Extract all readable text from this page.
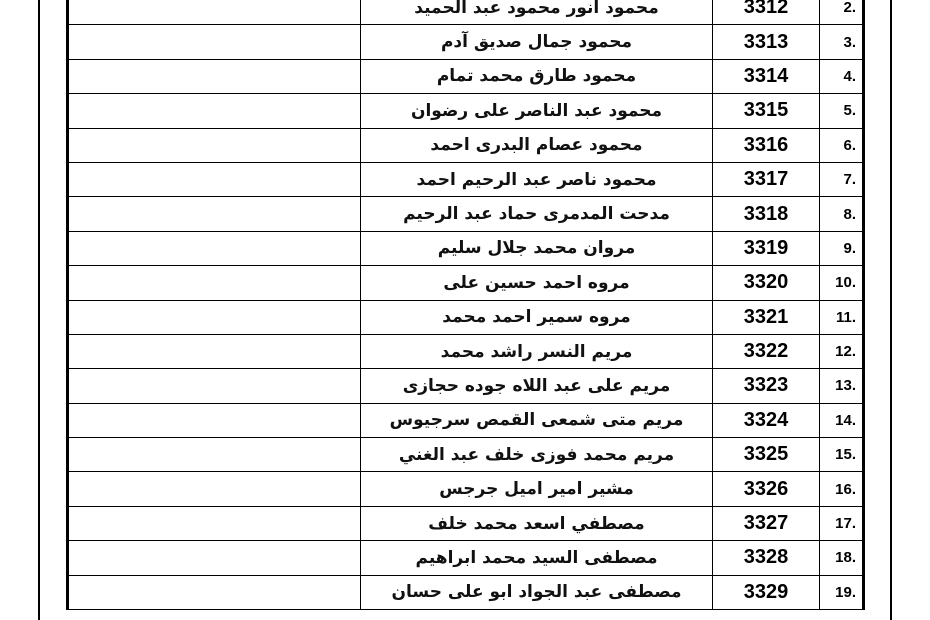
	محمود انور محمود عبد الحميد	3312	2.
	محمود جمال صديق آدم	3313	3.
	محمود طارق محمد تمام	3314	4.
	محمود عبد الناصر على رضوان	3315	5.
	محمود عصام البدرى احمد	3316	6.
	محمود ناصر عبد الرحيم احمد	3317	7.
	مدحت المدمرى حماد عبد الرحيم	3318	8.
	مروان محمد جلال سليم	3319	9.
	مروه احمد حسين على	3320	10.
	مروه سمير احمد محمد	3321	11.
	مريم النسر راشد محمد	3322	12.
	مريم على عبد اللاه جوده حجازى	3323	13.
	مريم متى شمعى القمص سرجيوس	3324	14.
	مريم محمد فوزى خلف عبد الغني	3325	15.
	مشير امير اميل جرجس	3326	16.
	مصطفي اسعد محمد خلف	3327	17.
	مصطفى السيد محمد ابراهيم	3328	18.
	مصطفى عبد الجواد ابو على حسان	3329	19.
